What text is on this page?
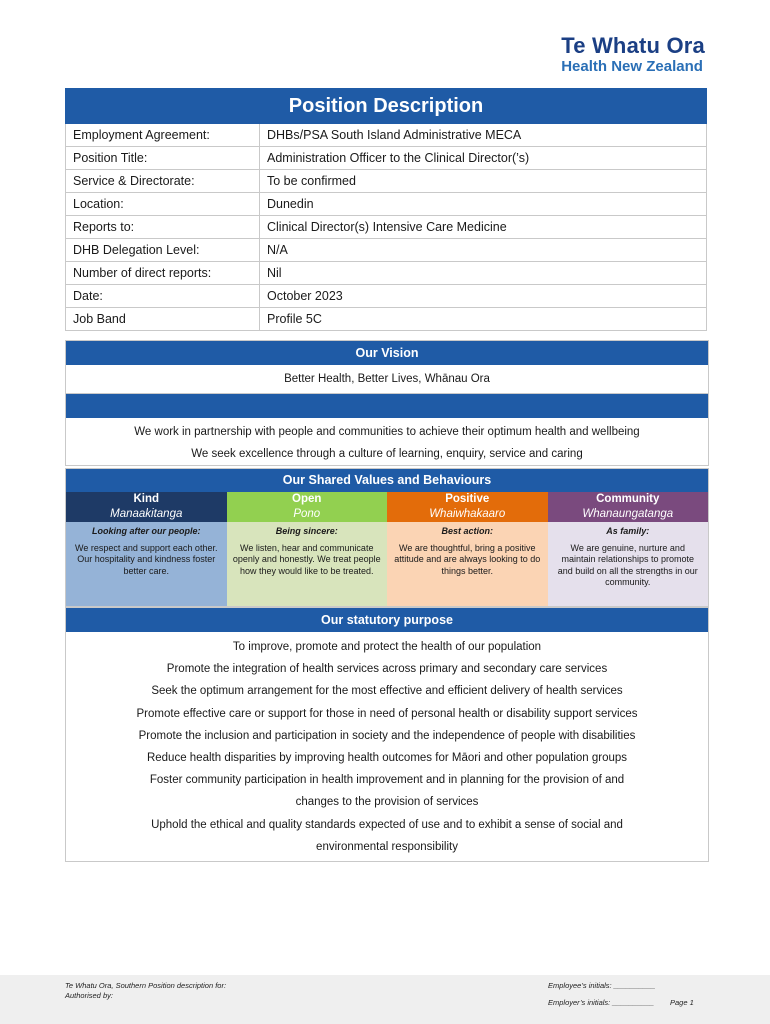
Te Whatu Ora
Health New Zealand
Position Description
Employment Agreement:	DHBs/PSA South Island Administrative MECA
Position Title:	Administration Officer to the Clinical Director(’s)
Service & Directorate:	To be confirmed
Location:	Dunedin
Reports to:	Clinical Director(s) Intensive Care Medicine
DHB Delegation Level:	N/A
Number of direct reports:	Nil
Date:	October 2023
Job Band	Profile 5C
Our Vision
Better Health, Better Lives, Whānau Ora
We work in partnership with people and communities to achieve their optimum health and wellbeing
We seek excellence through a culture of learning, enquiry, service and caring
Our Shared Values and Behaviours
Kind
Manaakitanga
Looking after our people:
We respect and support each other. Our hospitality and kindness foster better care.
Open
Pono
Being sincere:
We listen, hear and communicate openly and honestly. We treat people how they would like to be treated.
Positive
Whaiwhakaaro
Best action:
We are thoughtful, bring a positive attitude and are always looking to do things better.
Community
Whanaungatanga
As family:
We are genuine, nurture and maintain relationships to promote and build on all the strengths in our community.
Our statutory purpose
To improve, promote and protect the health of our population
Promote the integration of health services across primary and secondary care services
Seek the optimum arrangement for the most effective and efficient delivery of health services
Promote effective care or support for those in need of personal health or disability support services
Promote the inclusion and participation in society and the independence of people with disabilities
Reduce health disparities by improving health outcomes for Māori and other population groups
Foster community participation in health improvement and in planning for the provision of and
changes to the provision of services
Uphold the ethical and quality standards expected of use and to exhibit a sense of social and
environmental responsibility
Te Whatu Ora, Southern Position description for:
Authorised by:
Employee’s initials: __________
Employer’s initials: __________ Page 1
